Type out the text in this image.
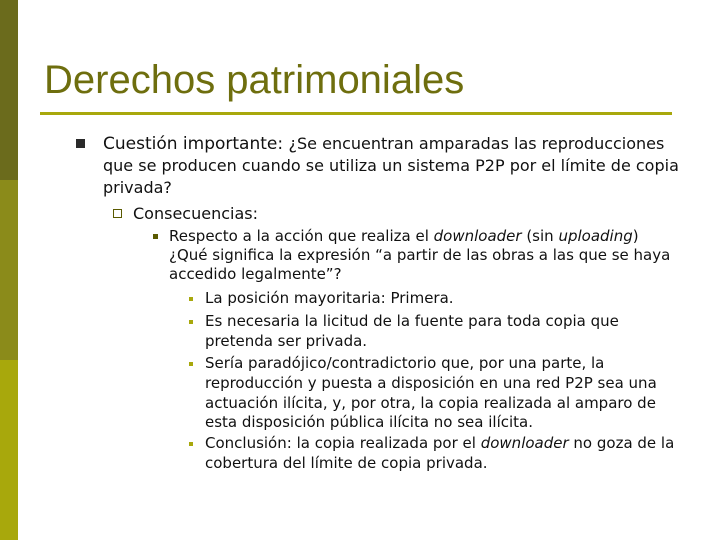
Derechos patrimoniales
Cuestión importante: ¿Se encuentran amparadas las reproducciones que se producen cuando se utiliza un sistema P2P por el límite de copia privada?
Consecuencias:
Respecto a la acción que realiza el downloader (sin uploading) ¿Qué significa la expresión “a partir de las obras a las que se haya accedido legalmente”?
La posición mayoritaria: Primera.
Es necesaria la licitud de la fuente para toda copia que pretenda ser privada.
Sería paradójico/contradictorio que, por una parte, la reproducción y puesta a disposición en una red P2P sea una actuación ilícita, y, por otra, la copia realizada al amparo de esta disposición pública ilícita no sea ilícita.
Conclusión: la copia realizada por el downloader no goza de la cobertura del límite de copia privada.
